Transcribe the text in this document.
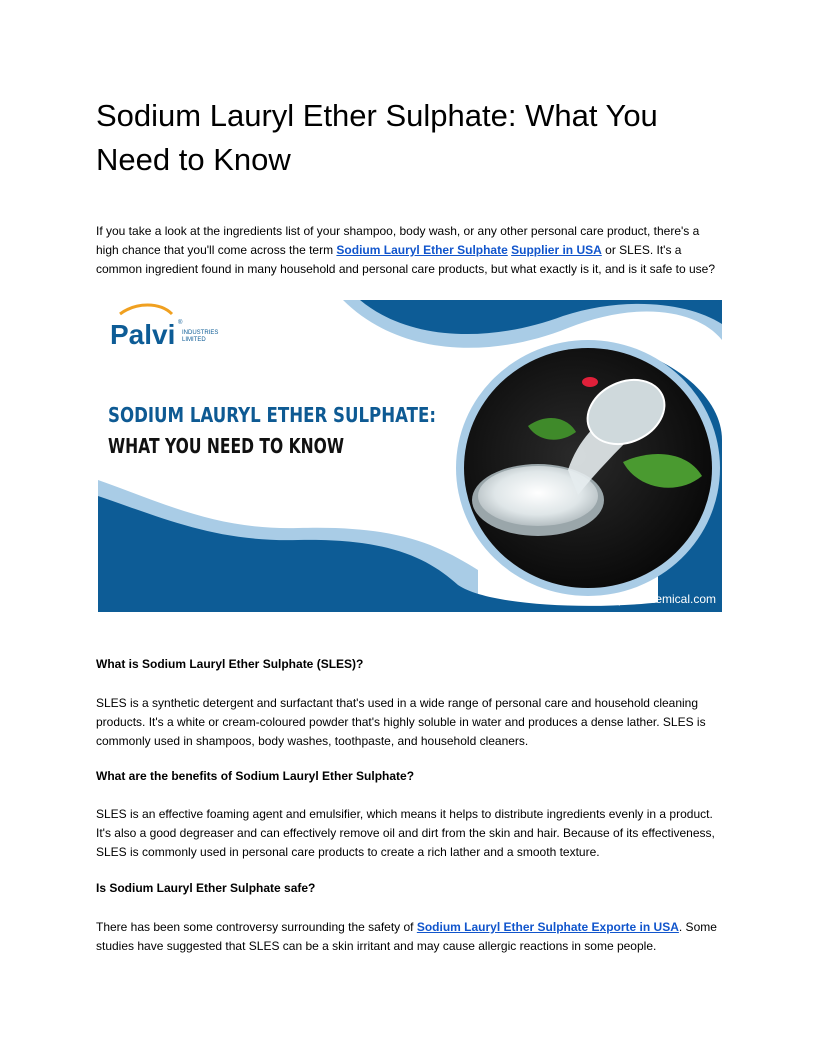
Sodium Lauryl Ether Sulphate: What You Need to Know

If you take a look at the ingredients list of your shampoo, body wash, or any other personal care product, there's a high chance that you'll come across the term Sodium Lauryl Ether Sulphate Supplier in USA or SLES. It's a common ingredient found in many household and personal care products, but what exactly is it, and is it safe to use?

Palvi ®
INDUSTRIES
LIMITED
SODIUM LAURYL ETHER SULPHATE:
WHAT YOU NEED TO KNOW
www.palvichemical.com
What is Sodium Lauryl Ether Sulphate (SLES)?

SLES is a synthetic detergent and surfactant that's used in a wide range of personal care and household cleaning products. It's a white or cream-coloured powder that's highly soluble in water and produces a dense lather. SLES is commonly used in shampoos, body washes, toothpaste, and household cleaners.

What are the benefits of Sodium Lauryl Ether Sulphate?

SLES is an effective foaming agent and emulsifier, which means it helps to distribute ingredients evenly in a product. It's also a good degreaser and can effectively remove oil and dirt from the skin and hair. Because of its effectiveness, SLES is commonly used in personal care products to create a rich lather and a smooth texture.

Is Sodium Lauryl Ether Sulphate safe?

There has been some controversy surrounding the safety of Sodium Lauryl Ether Sulphate Exporte in USA. Some studies have suggested that SLES can be a skin irritant and may cause allergic reactions in some people.
